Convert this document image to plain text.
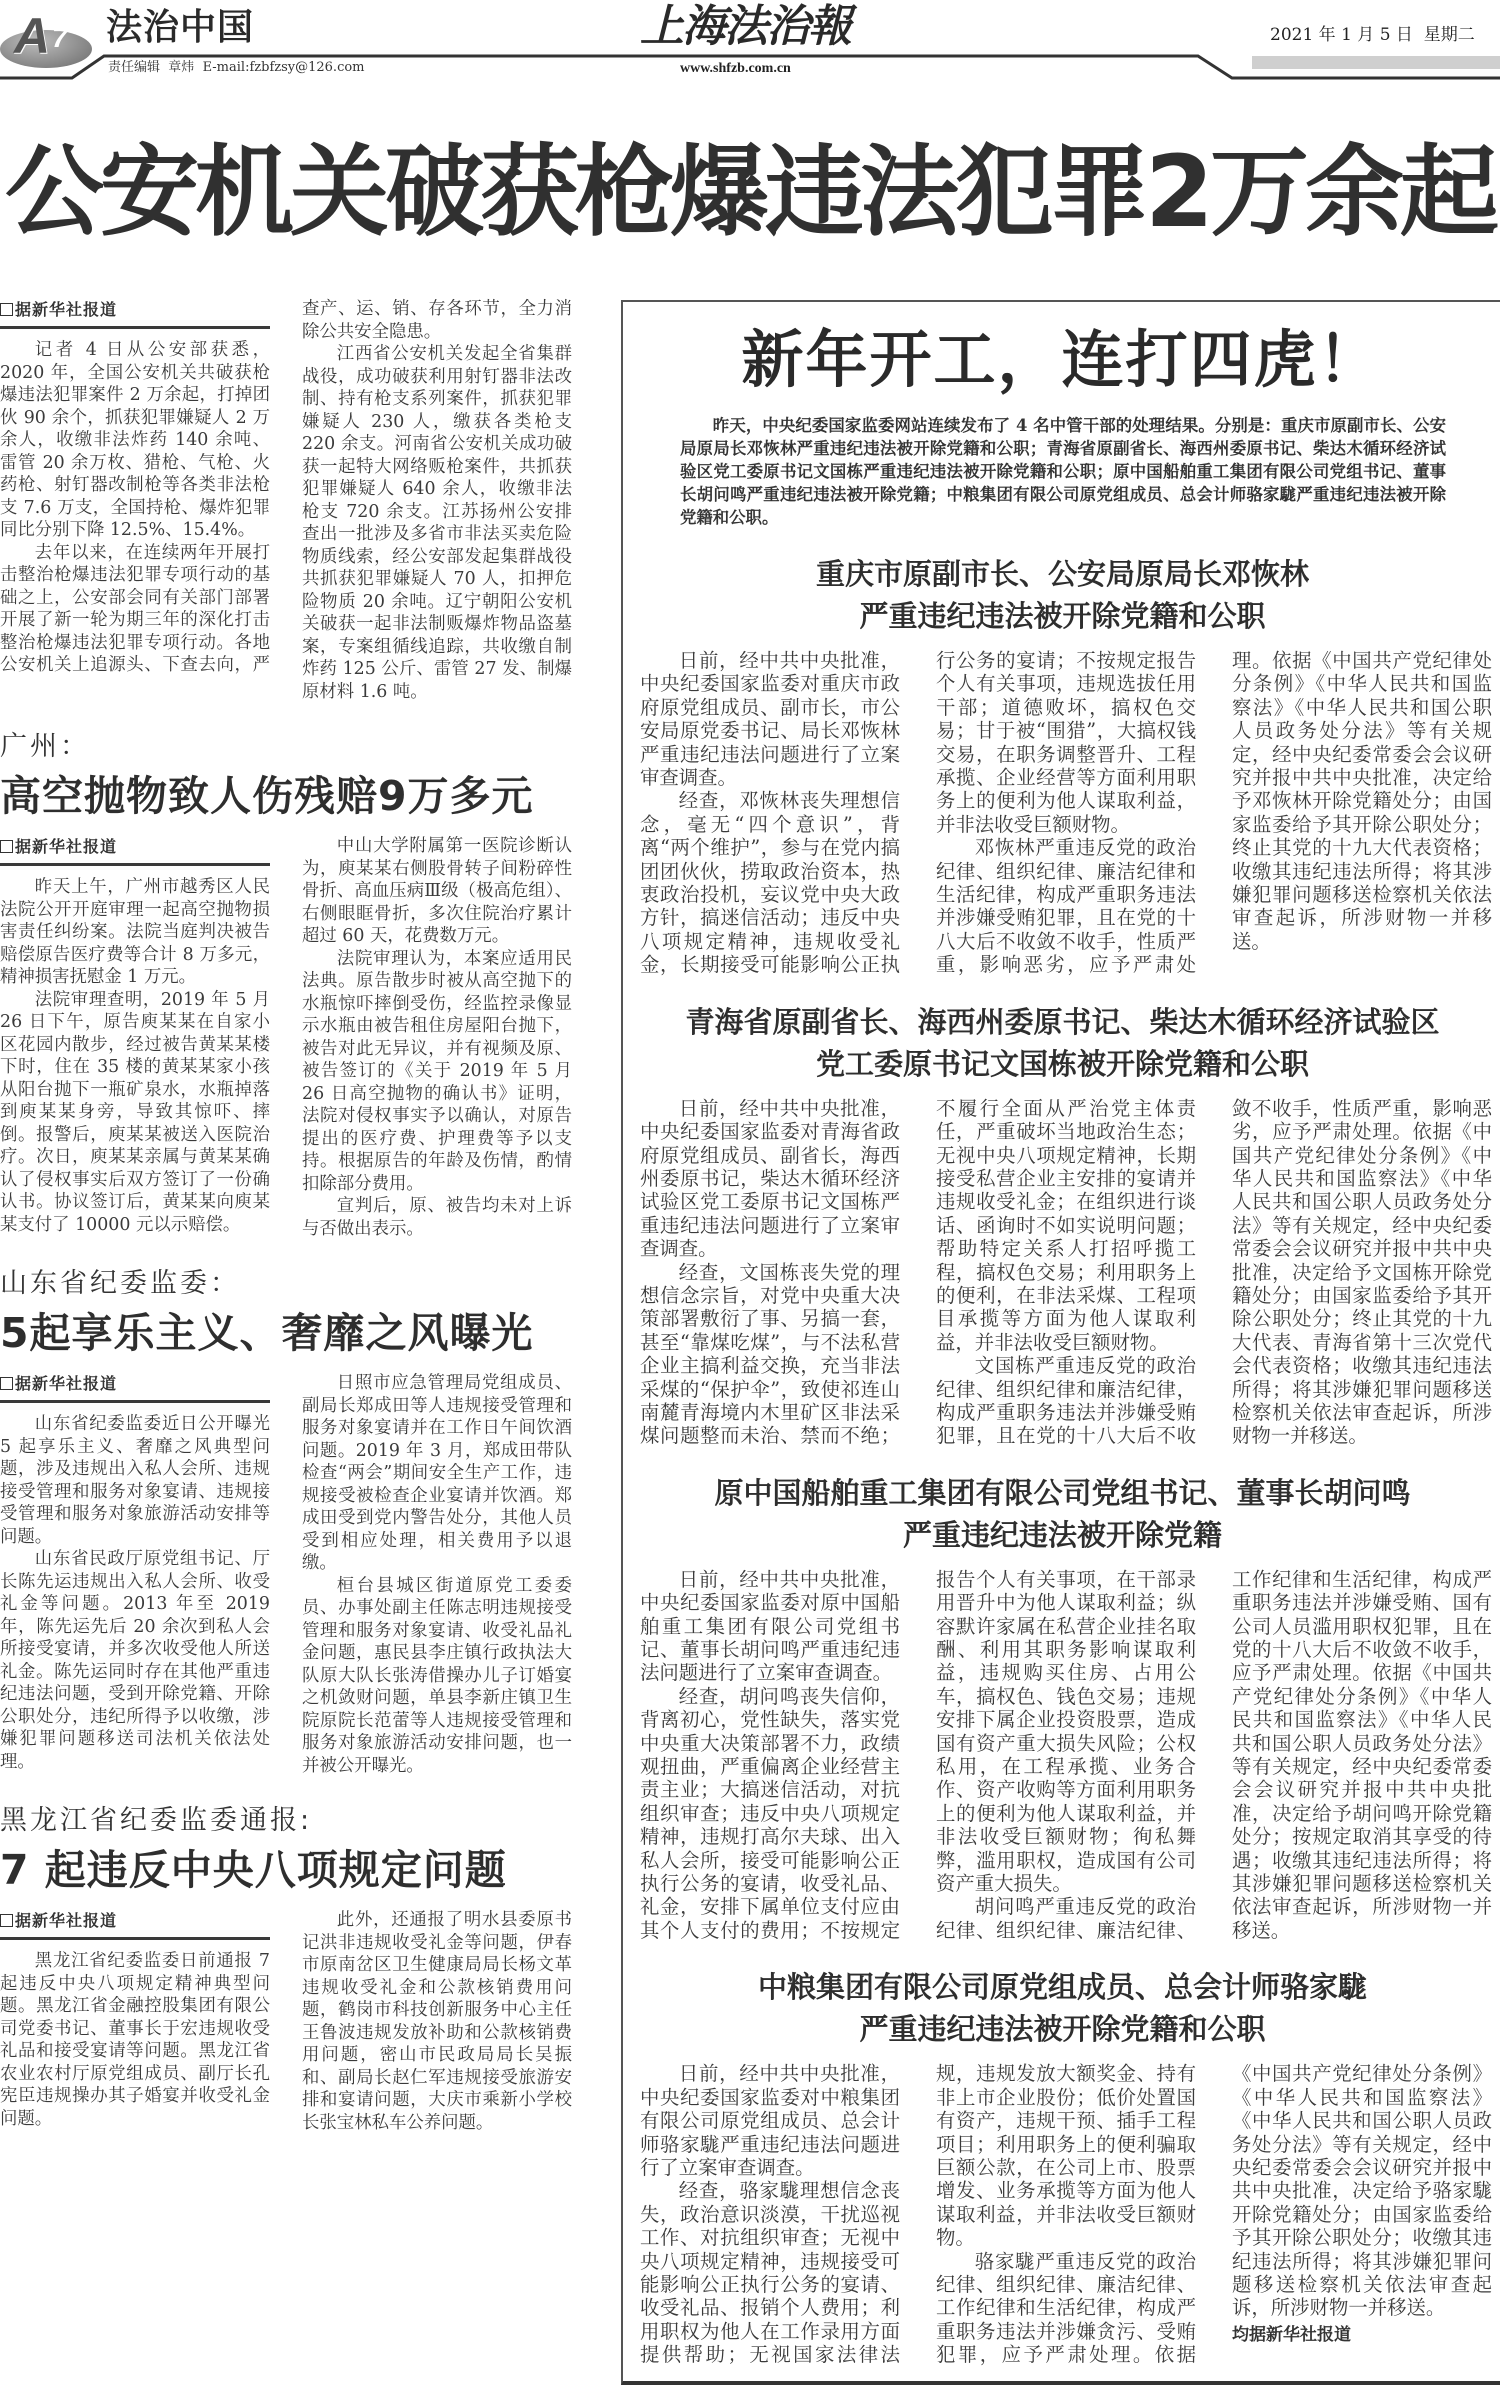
A 7 法治中国
责任编辑 章炜 E-mail:fzbfzsy@126.com
上海法治報
www.shfzb.com.cn
2021 年 1 月 5 日  星期二
公安机关破获枪爆违法犯罪2万余起
据新华社报道

记者 4 日从公安部获悉，2020 年，全国公安机关共破获枪爆违法犯罪案件 2 万余起，打掉团伙 90 余个，抓获犯罪嫌疑人 2 万余人，收缴非法炸药 140 余吨、雷管 20 余万枚、猎枪、气枪、火药枪、射钉器改制枪等各类非法枪支 7.6 万支，全国持枪、爆炸犯罪同比分别下降 12.5%、15.4%。

去年以来，在连续两年开展打击整治枪爆违法犯罪专项行动的基础之上，公安部会同有关部门部署开展了新一轮为期三年的深化打击整治枪爆违法犯罪专项行动。各地公安机关上追源头、下查去向，严查产、运、销、存各环节，全力消除公共安全隐患。

江西省公安机关发起全省集群战役，成功破获利用射钉器非法改制、持有枪支系列案件，抓获犯罪嫌疑人 230 人，缴获各类枪支 220 余支。河南省公安机关成功破获一起特大网络贩枪案件，共抓获犯罪嫌疑人 640 余人，收缴非法枪支 720 余支。江苏扬州公安排查出一批涉及多省市非法买卖危险物质线索，经公安部发起集群战役共抓获犯罪嫌疑人 70 人，扣押危险物质 20 余吨。辽宁朝阳公安机关破获一起非法制贩爆炸物品盗墓案，专案组循线追踪，共收缴自制炸药 125 公斤、雷管 27 发、制爆原材料 1.6 吨。

广州：
高空抛物致人伤残赔9万多元
据新华社报道

昨天上午，广州市越秀区人民法院公开开庭审理一起高空抛物损害责任纠纷案。法院当庭判决被告赔偿原告医疗费等合计 8 万多元，精神损害抚慰金 1 万元。

法院审理查明，2019 年 5 月 26 日下午，原告庾某某在自家小区花园内散步，经过被告黄某某楼下时，住在 35 楼的黄某某家小孩从阳台抛下一瓶矿泉水，水瓶掉落到庾某某身旁，导致其惊吓、摔倒。报警后，庾某某被送入医院治疗。次日，庾某某亲属与黄某某确认了侵权事实后双方签订了一份确认书。协议签订后，黄某某向庾某某支付了 10000 元以示赔偿。

中山大学附属第一医院诊断认为，庾某某右侧股骨转子间粉碎性骨折、高血压病Ⅲ级（极高危组）、右侧眼眶骨折，多次住院治疗累计超过 60 天，花费数万元。

法院审理认为，本案应适用民法典。原告散步时被从高空抛下的水瓶惊吓摔倒受伤，经监控录像显示水瓶由被告租住房屋阳台抛下，被告对此无异议，并有视频及原、被告签订的《关于 2019 年 5 月 26 日高空抛物的确认书》证明，法院对侵权事实予以确认，对原告提出的医疗费、护理费等予以支持。根据原告的年龄及伤情，酌情扣除部分费用。

宣判后，原、被告均未对上诉与否做出表示。

山东省纪委监委：
5起享乐主义、奢靡之风曝光
据新华社报道

山东省纪委监委近日公开曝光 5 起享乐主义、奢靡之风典型问题，涉及违规出入私人会所、违规接受管理和服务对象宴请、违规接受管理和服务对象旅游活动安排等问题。

山东省民政厅原党组书记、厅长陈先运违规出入私人会所、收受礼金等问题。2013 年至 2019 年，陈先运先后 20 余次到私人会所接受宴请，并多次收受他人所送礼金。陈先运同时存在其他严重违纪违法问题，受到开除党籍、开除公职处分，违纪所得予以收缴，涉嫌犯罪问题移送司法机关依法处理。

日照市应急管理局党组成员、副局长郑成田等人违规接受管理和服务对象宴请并在工作日午间饮酒问题。2019 年 3 月，郑成田带队检查“两会”期间安全生产工作，违规接受被检查企业宴请并饮酒。郑成田受到党内警告处分，其他人员受到相应处理，相关费用予以退缴。

桓台县城区街道原党工委委员、办事处副主任陈志明违规接受管理和服务对象宴请、收受礼品礼金问题，惠民县李庄镇行政执法大队原大队长张涛借操办儿子订婚宴之机敛财问题，单县李新庄镇卫生院原院长范蕾等人违规接受管理和服务对象旅游活动安排问题，也一并被公开曝光。

黑龙江省纪委监委通报:
7 起违反中央八项规定问题
据新华社报道

黑龙江省纪委监委日前通报 7 起违反中央八项规定精神典型问题。黑龙江省金融控股集团有限公司党委书记、董事长于宏违规收受礼品和接受宴请等问题。黑龙江省农业农村厅原党组成员、副厅长孔宪臣违规操办其子婚宴并收受礼金问题。

此外，还通报了明水县委原书记洪非违规收受礼金等问题，伊春市原南岔区卫生健康局局长杨文革违规收受礼金和公款核销费用问题，鹤岗市科技创新服务中心主任王鲁波违规发放补助和公款核销费用问题，密山市民政局局长吴振和、副局长赵仁军违规接受旅游安排和宴请问题，大庆市乘新小学校长张宝林私车公养问题。

新年开工，连打四虎！
昨天，中央纪委国家监委网站连续发布了 4 名中管干部的处理结果。分别是：重庆市原副市长、公安局原局长邓恢林严重违纪违法被开除党籍和公职；青海省原副省长、海西州委原书记、柴达木循环经济试验区党工委原书记文国栋严重违纪违法被开除党籍和公职；原中国船舶重工集团有限公司党组书记、董事长胡问鸣严重违纪违法被开除党籍；中粮集团有限公司原党组成员、总会计师骆家駹严重违纪违法被开除党籍和公职。
重庆市原副市长、公安局原局长邓恢林
严重违纪违法被开除党籍和公职

日前，经中共中央批准，中央纪委国家监委对重庆市政府原党组成员、副市长，市公安局原党委书记、局长邓恢林严重违纪违法问题进行了立案审查调查。

经查，邓恢林丧失理想信念，毫无“四个意识”，背离“两个维护”，参与在党内搞团团伙伙，捞取政治资本，热衷政治投机，妄议党中央大政方针，搞迷信活动；违反中央八项规定精神，违规收受礼金，长期接受可能影响公正执行公务的宴请；不按规定报告个人有关事项，违规选拔任用干部；道德败坏，搞权色交易；甘于被“围猎”，大搞权钱交易，在职务调整晋升、工程承揽、企业经营等方面利用职务上的便利为他人谋取利益，并非法收受巨额财物。

邓恢林严重违反党的政治纪律、组织纪律、廉洁纪律和生活纪律，构成严重职务违法并涉嫌受贿犯罪，且在党的十八大后不收敛不收手，性质严重，影响恶劣，应予严肃处理。依据《中国共产党纪律处分条例》《中华人民共和国监察法》《中华人民共和国公职人员政务处分法》等有关规定，经中央纪委常委会会议研究并报中共中央批准，决定给予邓恢林开除党籍处分；由国家监委给予其开除公职处分；终止其党的十九大代表资格；收缴其违纪违法所得；将其涉嫌犯罪问题移送检察机关依法审查起诉，所涉财物一并移送。

青海省原副省长、海西州委原书记、柴达木循环经济试验区
党工委原书记文国栋被开除党籍和公职

日前，经中共中央批准，中央纪委国家监委对青海省政府原党组成员、副省长，海西州委原书记，柴达木循环经济试验区党工委原书记文国栋严重违纪违法问题进行了立案审查调查。

经查，文国栋丧失党的理想信念宗旨，对党中央重大决策部署敷衍了事、另搞一套，甚至“靠煤吃煤”，与不法私营企业主搞利益交换，充当非法采煤的“保护伞”，致使祁连山南麓青海境内木里矿区非法采煤问题整而未治、禁而不绝；不履行全面从严治党主体责任，严重破坏当地政治生态；无视中央八项规定精神，长期接受私营企业主安排的宴请并违规收受礼金；在组织进行谈话、函询时不如实说明问题；帮助特定关系人打招呼揽工程，搞权色交易；利用职务上的便利，在非法采煤、工程项目承揽等方面为他人谋取利益，并非法收受巨额财物。

文国栋严重违反党的政治纪律、组织纪律和廉洁纪律，构成严重职务违法并涉嫌受贿犯罪，且在党的十八大后不收敛不收手，性质严重，影响恶劣，应予严肃处理。依据《中国共产党纪律处分条例》《中华人民共和国监察法》《中华人民共和国公职人员政务处分法》等有关规定，经中央纪委常委会会议研究并报中共中央批准，决定给予文国栋开除党籍处分；由国家监委给予其开除公职处分；终止其党的十九大代表、青海省第十三次党代会代表资格；收缴其违纪违法所得；将其涉嫌犯罪问题移送检察机关依法审查起诉，所涉财物一并移送。

原中国船舶重工集团有限公司党组书记、董事长胡问鸣
严重违纪违法被开除党籍

日前，经中共中央批准，中央纪委国家监委对原中国船舶重工集团有限公司党组书记、董事长胡问鸣严重违纪违法问题进行了立案审查调查。

经查，胡问鸣丧失信仰，背离初心，党性缺失，落实党中央重大决策部署不力，政绩观扭曲，严重偏离企业经营主责主业；大搞迷信活动，对抗组织审查；违反中央八项规定精神，违规打高尔夫球、出入私人会所，接受可能影响公正执行公务的宴请，收受礼品、礼金，安排下属单位支付应由其个人支付的费用；不按规定报告个人有关事项，在干部录用晋升中为他人谋取利益；纵容默许家属在私营企业挂名取酬、利用其职务影响谋取利益，违规购买住房、占用公车，搞权色、钱色交易；违规安排下属企业投资股票，造成国有资产重大损失风险；公权私用，在工程承揽、业务合作、资产收购等方面利用职务上的便利为他人谋取利益，并非法收受巨额财物；徇私舞弊，滥用职权，造成国有公司资产重大损失。

胡问鸣严重违反党的政治纪律、组织纪律、廉洁纪律、工作纪律和生活纪律，构成严重职务违法并涉嫌受贿、国有公司人员滥用职权犯罪，且在党的十八大后不收敛不收手，应予严肃处理。依据《中国共产党纪律处分条例》《中华人民共和国监察法》《中华人民共和国公职人员政务处分法》等有关规定，经中央纪委常委会会议研究并报中共中央批准，决定给予胡问鸣开除党籍处分；按规定取消其享受的待遇；收缴其违纪违法所得；将其涉嫌犯罪问题移送检察机关依法审查起诉，所涉财物一并移送。

中粮集团有限公司原党组成员、总会计师骆家駹
严重违纪违法被开除党籍和公职

日前，经中共中央批准，中央纪委国家监委对中粮集团有限公司原党组成员、总会计师骆家駹严重违纪违法问题进行了立案审查调查。

经查，骆家駹理想信念丧失，政治意识淡漠，干扰巡视工作、对抗组织审查；无视中央八项规定精神，违规接受可能影响公正执行公务的宴请、收受礼品、报销个人费用；利用职权为他人在工作录用方面提供帮助；无视国家法律法规，违规发放大额奖金、持有非上市企业股份；低价处置国有资产，违规干预、插手工程项目；利用职务上的便利骗取巨额公款，在公司上市、股票增发、业务承揽等方面为他人谋取利益，并非法收受巨额财物。

骆家駹严重违反党的政治纪律、组织纪律、廉洁纪律、工作纪律和生活纪律，构成严重职务违法并涉嫌贪污、受贿犯罪，应予严肃处理。依据《中国共产党纪律处分条例》《中华人民共和国监察法》《中华人民共和国公职人员政务处分法》等有关规定，经中央纪委常委会会议研究并报中共中央批准，决定给予骆家駹开除党籍处分；由国家监委给予其开除公职处分；收缴其违纪违法所得；将其涉嫌犯罪问题移送检察机关依法审查起诉，所涉财物一并移送。

均据新华社报道
